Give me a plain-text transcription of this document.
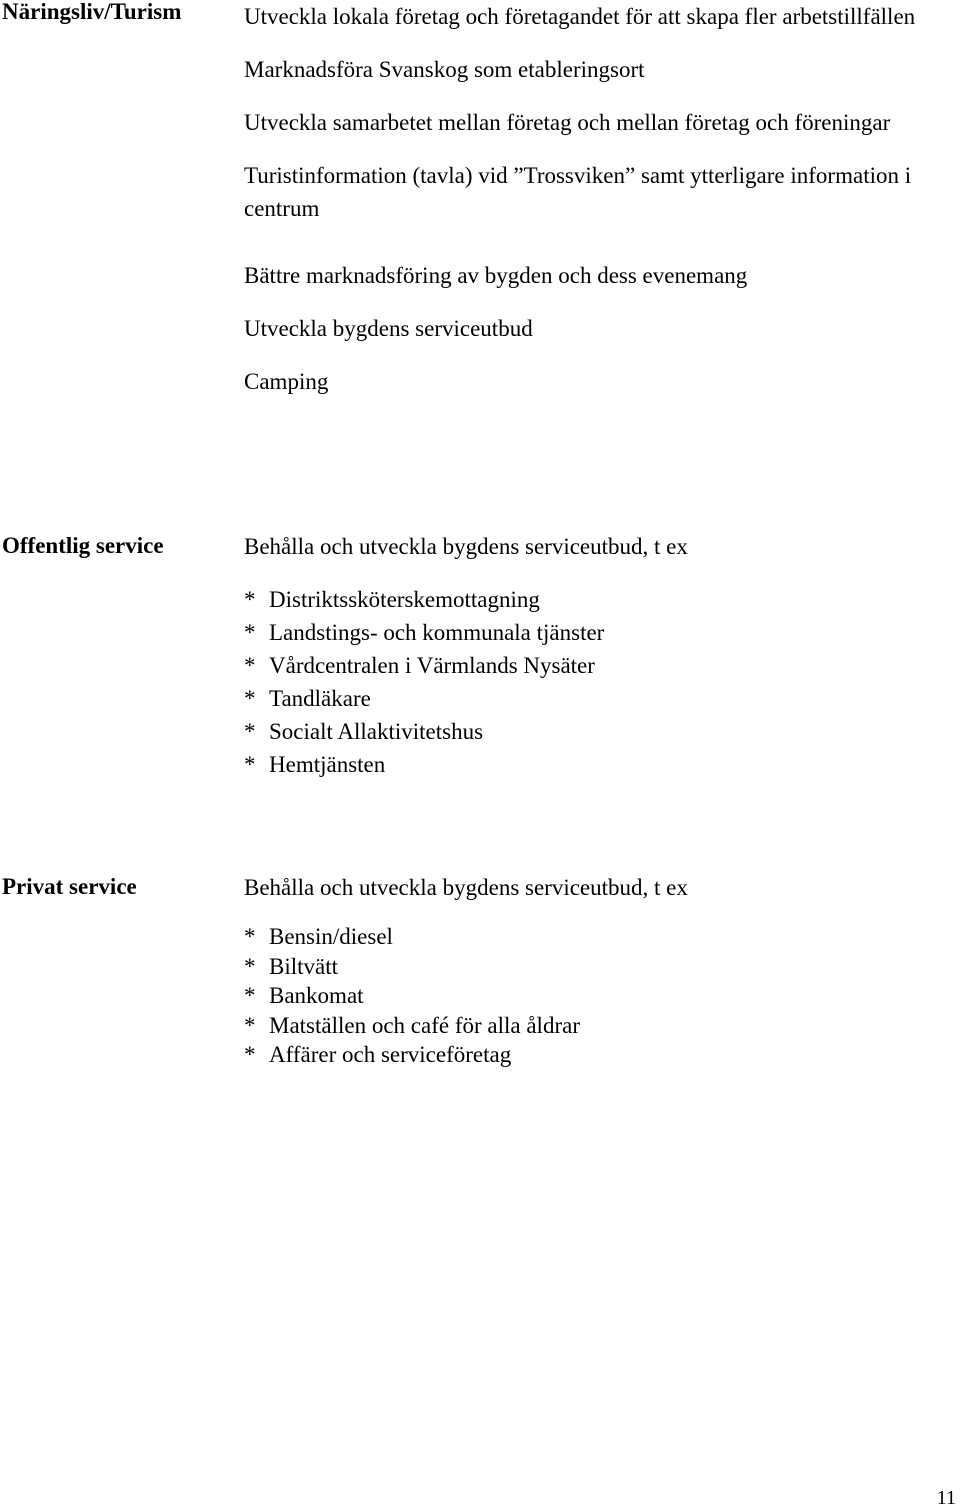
Näringsliv/Turism	Utveckla lokala företag och företagandet för att skapa fler arbetstillfällen

Marknadsföra Svanskog som etableringsort

Utveckla samarbetet mellan företag och mellan företag och föreningar

Turistinformation (tavla) vid ”Trossviken” samt ytterligare information i centrum

Bättre marknadsföring av bygden och dess evenemang

Utveckla bygdens serviceutbud

Camping

Offentlig service	Behålla och utveckla bygdens serviceutbud, t ex

* Distriktssköterskemottagning
* Landstings- och kommunala tjänster
* Vårdcentralen i Värmlands Nysäter
* Tandläkare
* Socialt Allaktivitetshus
* Hemtjänsten
Privat service	Behålla och utveckla bygdens serviceutbud, t ex

* Bensin/diesel
* Biltvätt
* Bankomat
* Matställen och café för alla åldrar
* Affärer och serviceföretag
11
